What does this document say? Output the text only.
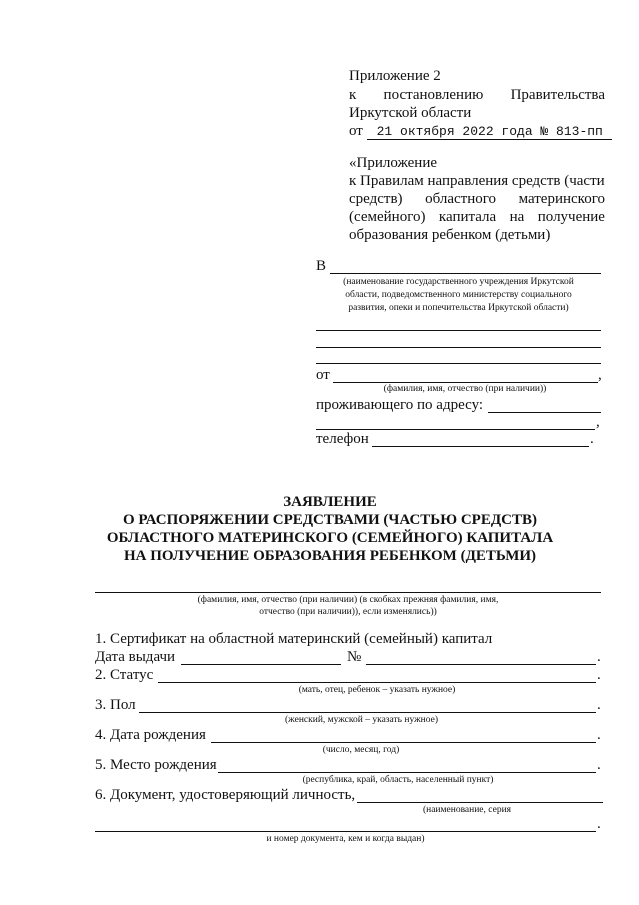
Приложение 2
к постановлению Правительства
Иркутской области
от 21 октября 2022 года № 813-пп
«Приложение
к Правилам направления средств (части
средств) областного материнского
(семейного) капитала на получение
образования ребенком (детьми)
В
(наименование государственного учреждения Иркутской
области, подведомственного министерству социального
развития, опеки и попечительства Иркутской области)
от	,
(фамилия, имя, отчество (при наличии))
проживающего по адресу:
,
телефон	.
ЗАЯВЛЕНИЕ
О РАСПОРЯЖЕНИИ СРЕДСТВАМИ (ЧАСТЬЮ СРЕДСТВ)
ОБЛАСТНОГО МАТЕРИНСКОГО (СЕМЕЙНОГО) КАПИТАЛА
НА ПОЛУЧЕНИЕ ОБРАЗОВАНИЯ РЕБЕНКОМ (ДЕТЬМИ)
(фамилия, имя, отчество (при наличии) (в скобках прежняя фамилия, имя,
отчество (при наличии)), если изменялись))
1. Сертификат на областной материнский (семейный) капитал
Дата выдачи	№	.
2. Статус	.
(мать, отец, ребенок – указать нужное)
3. Пол	.
(женский, мужской – указать нужное)
4. Дата рождения	.
(число, месяц, год)
5. Место рождения	.
(республика, край, область, населенный пункт)
6. Документ, удостоверяющий личность,
(наименование, серия
.
и номер документа, кем и когда выдан)
